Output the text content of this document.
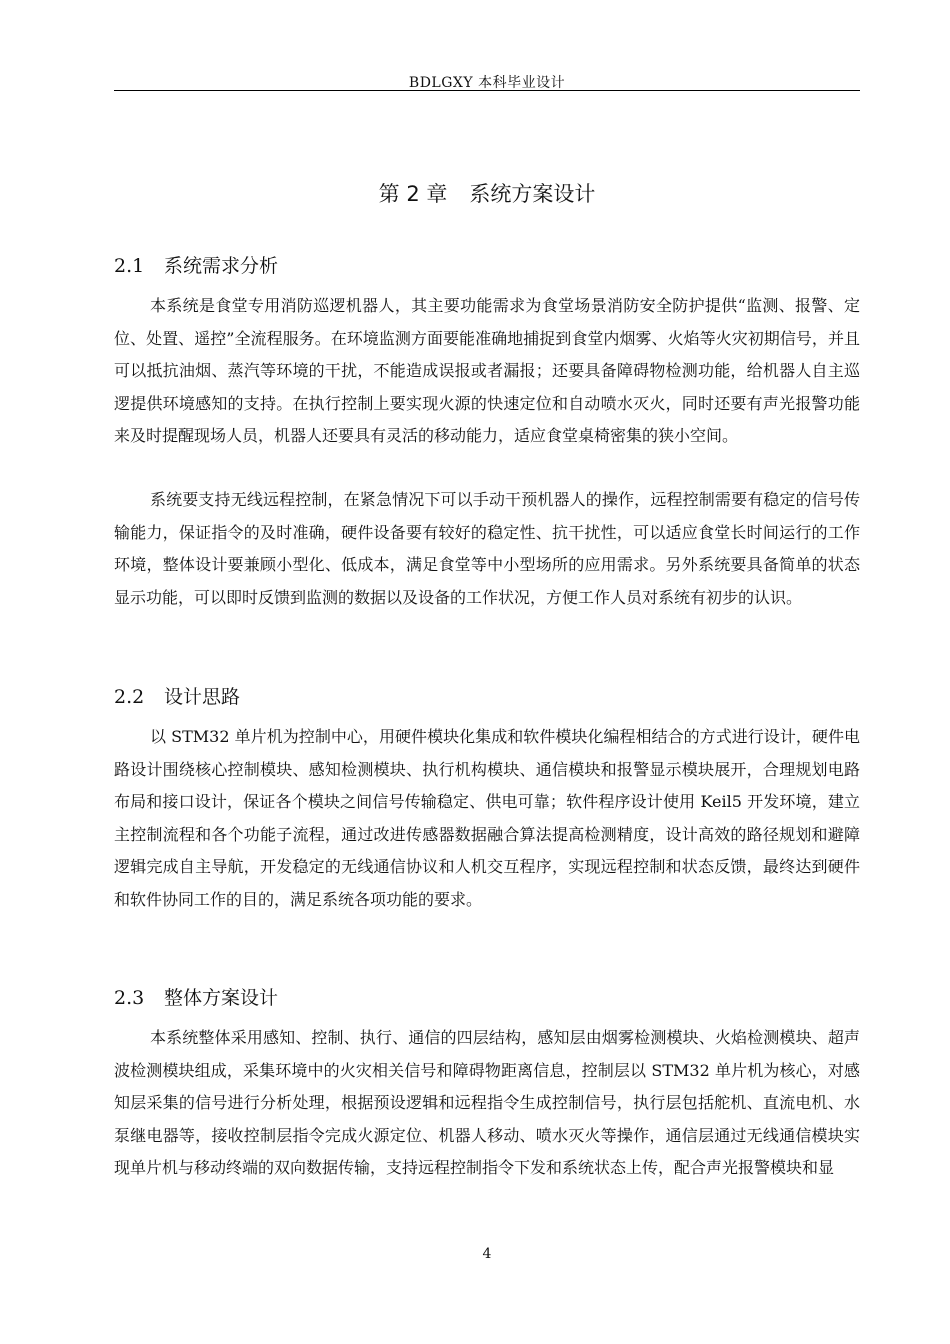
BDLGXY 本科毕业设计
第 2 章 系统方案设计
2.1 系统需求分析

本系统是食堂专用消防巡逻机器人，其主要功能需求为食堂场景消防安全防护提供“监测、报警、定位、处置、遥控”全流程服务。在环境监测方面要能准确地捕捉到食堂内烟雾、火焰等火灾初期信号，并且可以抵抗油烟、蒸汽等环境的干扰，不能造成误报或者漏报；还要具备障碍物检测功能，给机器人自主巡逻提供环境感知的支持。在执行控制上要实现火源的快速定位和自动喷水灭火，同时还要有声光报警功能来及时提醒现场人员，机器人还要具有灵活的移动能力，适应食堂桌椅密集的狭小空间。

系统要支持无线远程控制，在紧急情况下可以手动干预机器人的操作，远程控制需要有稳定的信号传输能力，保证指令的及时准确，硬件设备要有较好的稳定性、抗干扰性，可以适应食堂长时间运行的工作环境，整体设计要兼顾小型化、低成本，满足食堂等中小型场所的应用需求。另外系统要具备简单的状态显示功能，可以即时反馈到监测的数据以及设备的工作状况，方便工作人员对系统有初步的认识。

2.2 设计思路

以 STM32 单片机为控制中心，用硬件模块化集成和软件模块化编程相结合的方式进行设计，硬件电路设计围绕核心控制模块、感知检测模块、执行机构模块、通信模块和报警显示模块展开，合理规划电路布局和接口设计，保证各个模块之间信号传输稳定、供电可靠；软件程序设计使用 Keil5 开发环境，建立主控制流程和各个功能子流程，通过改进传感器数据融合算法提高检测精度，设计高效的路径规划和避障逻辑完成自主导航，开发稳定的无线通信协议和人机交互程序，实现远程控制和状态反馈，最终达到硬件和软件协同工作的目的，满足系统各项功能的要求。

2.3 整体方案设计

本系统整体采用感知、控制、执行、通信的四层结构，感知层由烟雾检测模块、火焰检测模块、超声波检测模块组成，采集环境中的火灾相关信号和障碍物距离信息，控制层以 STM32 单片机为核心，对感知层采集的信号进行分析处理，根据预设逻辑和远程指令生成控制信号，执行层包括舵机、直流电机、水泵继电器等，接收控制层指令完成火源定位、机器人移动、喷水灭火等操作，通信层通过无线通信模块实现单片机与移动终端的双向数据传输，支持远程控制指令下发和系统状态上传，配合声光报警模块和显

4
